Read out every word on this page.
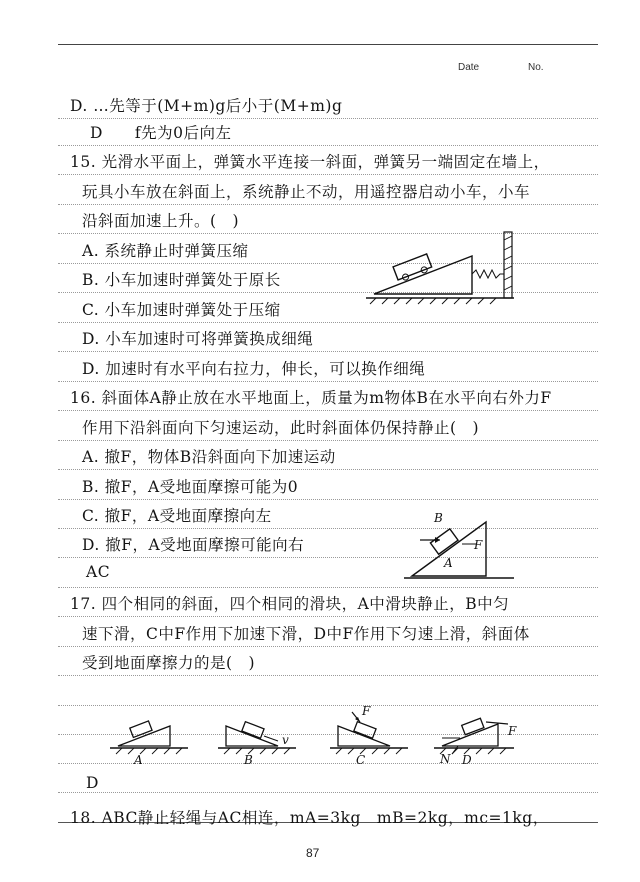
Date	No.
D. …先等于(M+m)g后小于(M+m)g
D　　f先为0后向左
15. 光滑水平面上，弹簧水平连接一斜面，弹簧另一端固定在墙上，
玩具小车放在斜面上，系统静止不动，用遥控器启动小车，小车
沿斜面加速上升。(　)
A. 系统静止时弹簧压缩
B. 小车加速时弹簧处于原长
C. 小车加速时弹簧处于压缩
D. 小车加速时可将弹簧换成细绳
D. 加速时有水平向右拉力，伸长，可以换作细绳
16. 斜面体A静止放在水平地面上，质量为m物体B在水平向右外力F
作用下沿斜面向下匀速运动，此时斜面体仍保持静止(　)
A. 撤F，物体B沿斜面向下加速运动
B. 撤F，A受地面摩擦可能为0
C. 撤F，A受地面摩擦向左
D. 撤F，A受地面摩擦可能向右
AC
17. 四个相同的斜面，四个相同的滑块，A中滑块静止，B中匀
速下滑，C中F作用下加速下滑，D中F作用下匀速上滑，斜面体
受到地面摩擦力的是(　)
D
18. ABC静止轻绳与AC相连，mA=3kg　mB=2kg，mc=1kg，
B
A
F
A	B	C	D
v
F
F
N
87
